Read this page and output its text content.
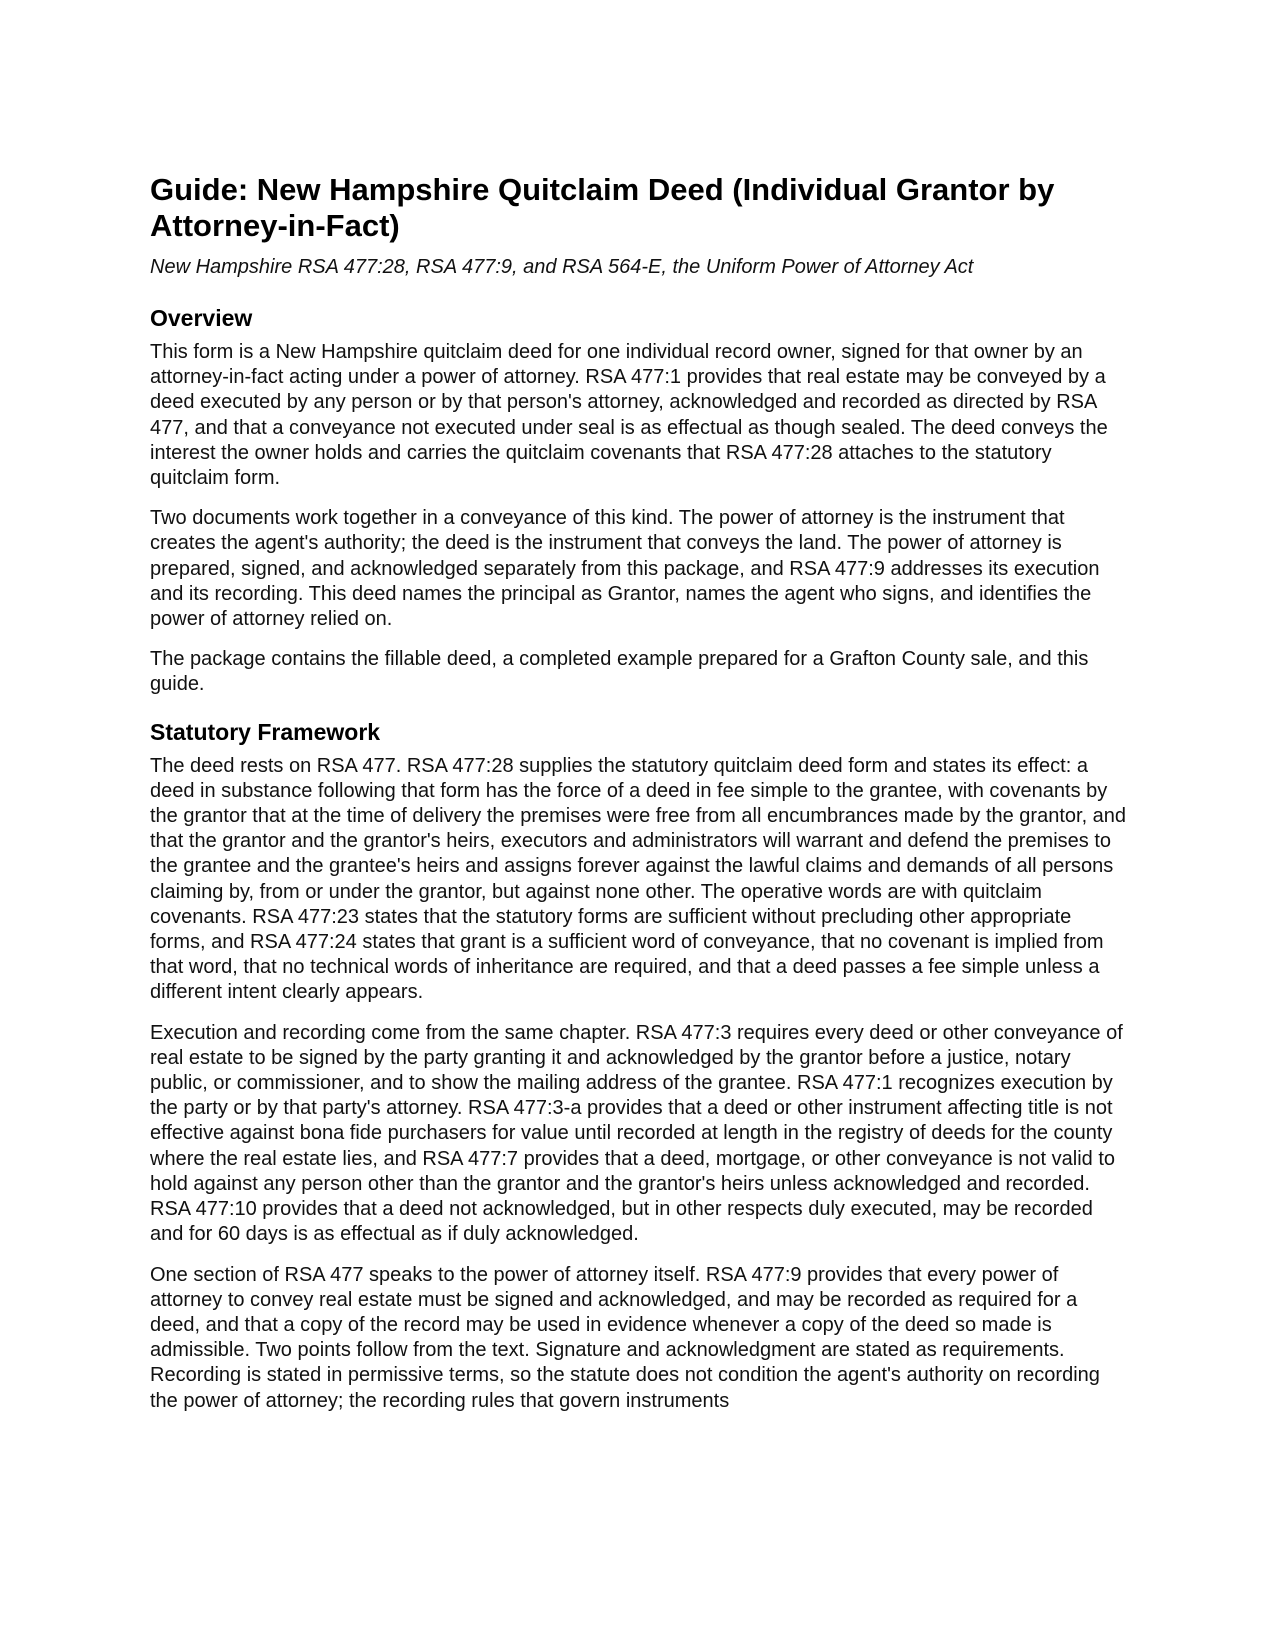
Guide: New Hampshire Quitclaim Deed (Individual Grantor by Attorney-in-Fact)
New Hampshire RSA 477:28, RSA 477:9, and RSA 564-E, the Uniform Power of Attorney Act
Overview

This form is a New Hampshire quitclaim deed for one individual record owner, signed for that owner by an attorney-in-fact acting under a power of attorney. RSA 477:1 provides that real estate may be conveyed by a deed executed by any person or by that person's attorney, acknowledged and recorded as directed by RSA 477, and that a conveyance not executed under seal is as effectual as though sealed. The deed conveys the interest the owner holds and carries the quitclaim covenants that RSA 477:28 attaches to the statutory quitclaim form.

Two documents work together in a conveyance of this kind. The power of attorney is the instrument that creates the agent's authority; the deed is the instrument that conveys the land. The power of attorney is prepared, signed, and acknowledged separately from this package, and RSA 477:9 addresses its execution and its recording. This deed names the principal as Grantor, names the agent who signs, and identifies the power of attorney relied on.

The package contains the fillable deed, a completed example prepared for a Grafton County sale, and this guide.

Statutory Framework

The deed rests on RSA 477. RSA 477:28 supplies the statutory quitclaim deed form and states its effect: a deed in substance following that form has the force of a deed in fee simple to the grantee, with covenants by the grantor that at the time of delivery the premises were free from all encumbrances made by the grantor, and that the grantor and the grantor's heirs, executors and administrators will warrant and defend the premises to the grantee and the grantee's heirs and assigns forever against the lawful claims and demands of all persons claiming by, from or under the grantor, but against none other. The operative words are with quitclaim covenants. RSA 477:23 states that the statutory forms are sufficient without precluding other appropriate forms, and RSA 477:24 states that grant is a sufficient word of conveyance, that no covenant is implied from that word, that no technical words of inheritance are required, and that a deed passes a fee simple unless a different intent clearly appears.

Execution and recording come from the same chapter. RSA 477:3 requires every deed or other conveyance of real estate to be signed by the party granting it and acknowledged by the grantor before a justice, notary public, or commissioner, and to show the mailing address of the grantee. RSA 477:1 recognizes execution by the party or by that party's attorney. RSA 477:3-a provides that a deed or other instrument affecting title is not effective against bona fide purchasers for value until recorded at length in the registry of deeds for the county where the real estate lies, and RSA 477:7 provides that a deed, mortgage, or other conveyance is not valid to hold against any person other than the grantor and the grantor's heirs unless acknowledged and recorded. RSA 477:10 provides that a deed not acknowledged, but in other respects duly executed, may be recorded and for 60 days is as effectual as if duly acknowledged.

One section of RSA 477 speaks to the power of attorney itself. RSA 477:9 provides that every power of attorney to convey real estate must be signed and acknowledged, and may be recorded as required for a deed, and that a copy of the record may be used in evidence whenever a copy of the deed so made is admissible. Two points follow from the text. Signature and acknowledgment are stated as requirements. Recording is stated in permissive terms, so the statute does not condition the agent's authority on recording the power of attorney; the recording rules that govern instruments
